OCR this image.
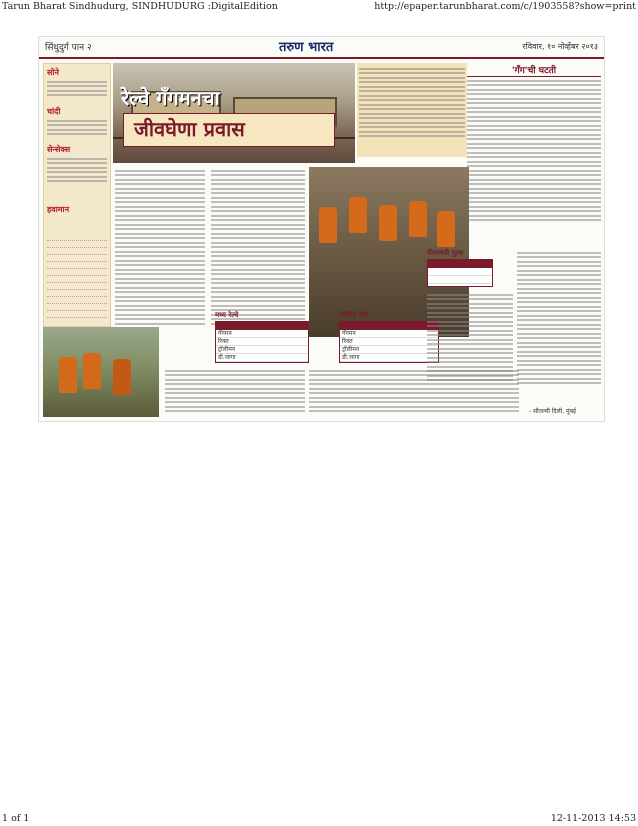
Tarun Bharat Sindhudurg, SINDHUDURG :DigitalEdition	http://epaper.tarunbharat.com/c/1903558?show=print
सिंधुदुर्ग पान २	तरुण भारत	रविवार, १० नोव्हेंबर २०१३
सोने
चांदी
सेन्सेक्स
हवामान
रेल्वे गँगमनचा
जीवघेणा प्रवास
'गँग'ची घटती
मध्य रेल्वे
गँगमन
रिक्त
ट्रॉलीमन
डी.जागा
पश्चिम रेल्वे
गँगमन
रिक्त
ट्रॉलीमन
डी.जागा
गँगमनची मूल्य
- सौजन्यी दिली, मुंबई
1 of 1	12-11-2013 14:53
